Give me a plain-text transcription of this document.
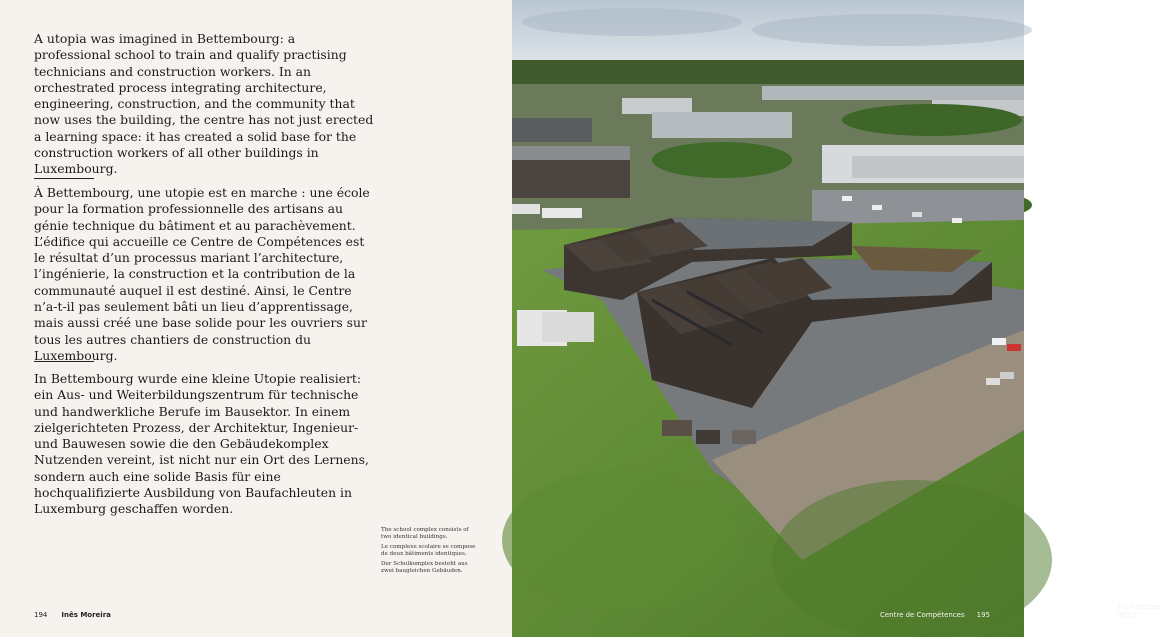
A utopia was imagined in Bettembourg: a professional school to train and qualify practising technicians and construction workers. In an orchestrated process integrating architecture, engineering, construction, and the community that now uses the building, the centre has not just erected a learning space: it has created a solid base for the construction workers of all other buildings in Luxembourg.

À Bettembourg, une utopie est en marche : une école pour la formation professionnelle des artisans au génie technique du bâtiment et au parachèvement. L’édifice qui accueille ce Centre de Compétences est le résultat d’un processus mariant l’architecture, l’ingénierie, la construction et la contribution de la communauté auquel il est destiné. Ainsi, le Centre n’a-t-il pas seulement bâti un lieu d’apprentissage, mais aussi créé une base solide pour les ouvriers sur tous les autres chantiers de construction du Luxembourg.

In Bettembourg wurde eine kleine Utopie realisiert: ein Aus- und Weiterbildungszentrum für technische und handwerkliche Berufe im Bausektor. In einem zielgerichteten Prozess, der Architektur, Ingenieur- und Bauwesen sowie die den Gebäudekomplex Nutzenden vereint, ist nicht nur ein Ort des Lernens, sondern auch eine solide Basis für eine hochqualifizierte Ausbildung von Baufachleuten in Luxemburg geschaffen worden.

The school complex consists of two identical buildings.

Le complexe scolaire se compose de deux bâtiments identiques.

Der Schulkomplex besteht aus zwei baugleichen Gebäuden.

194 Inês Moreira
Architecture de LX
Centre de Compétences 195
